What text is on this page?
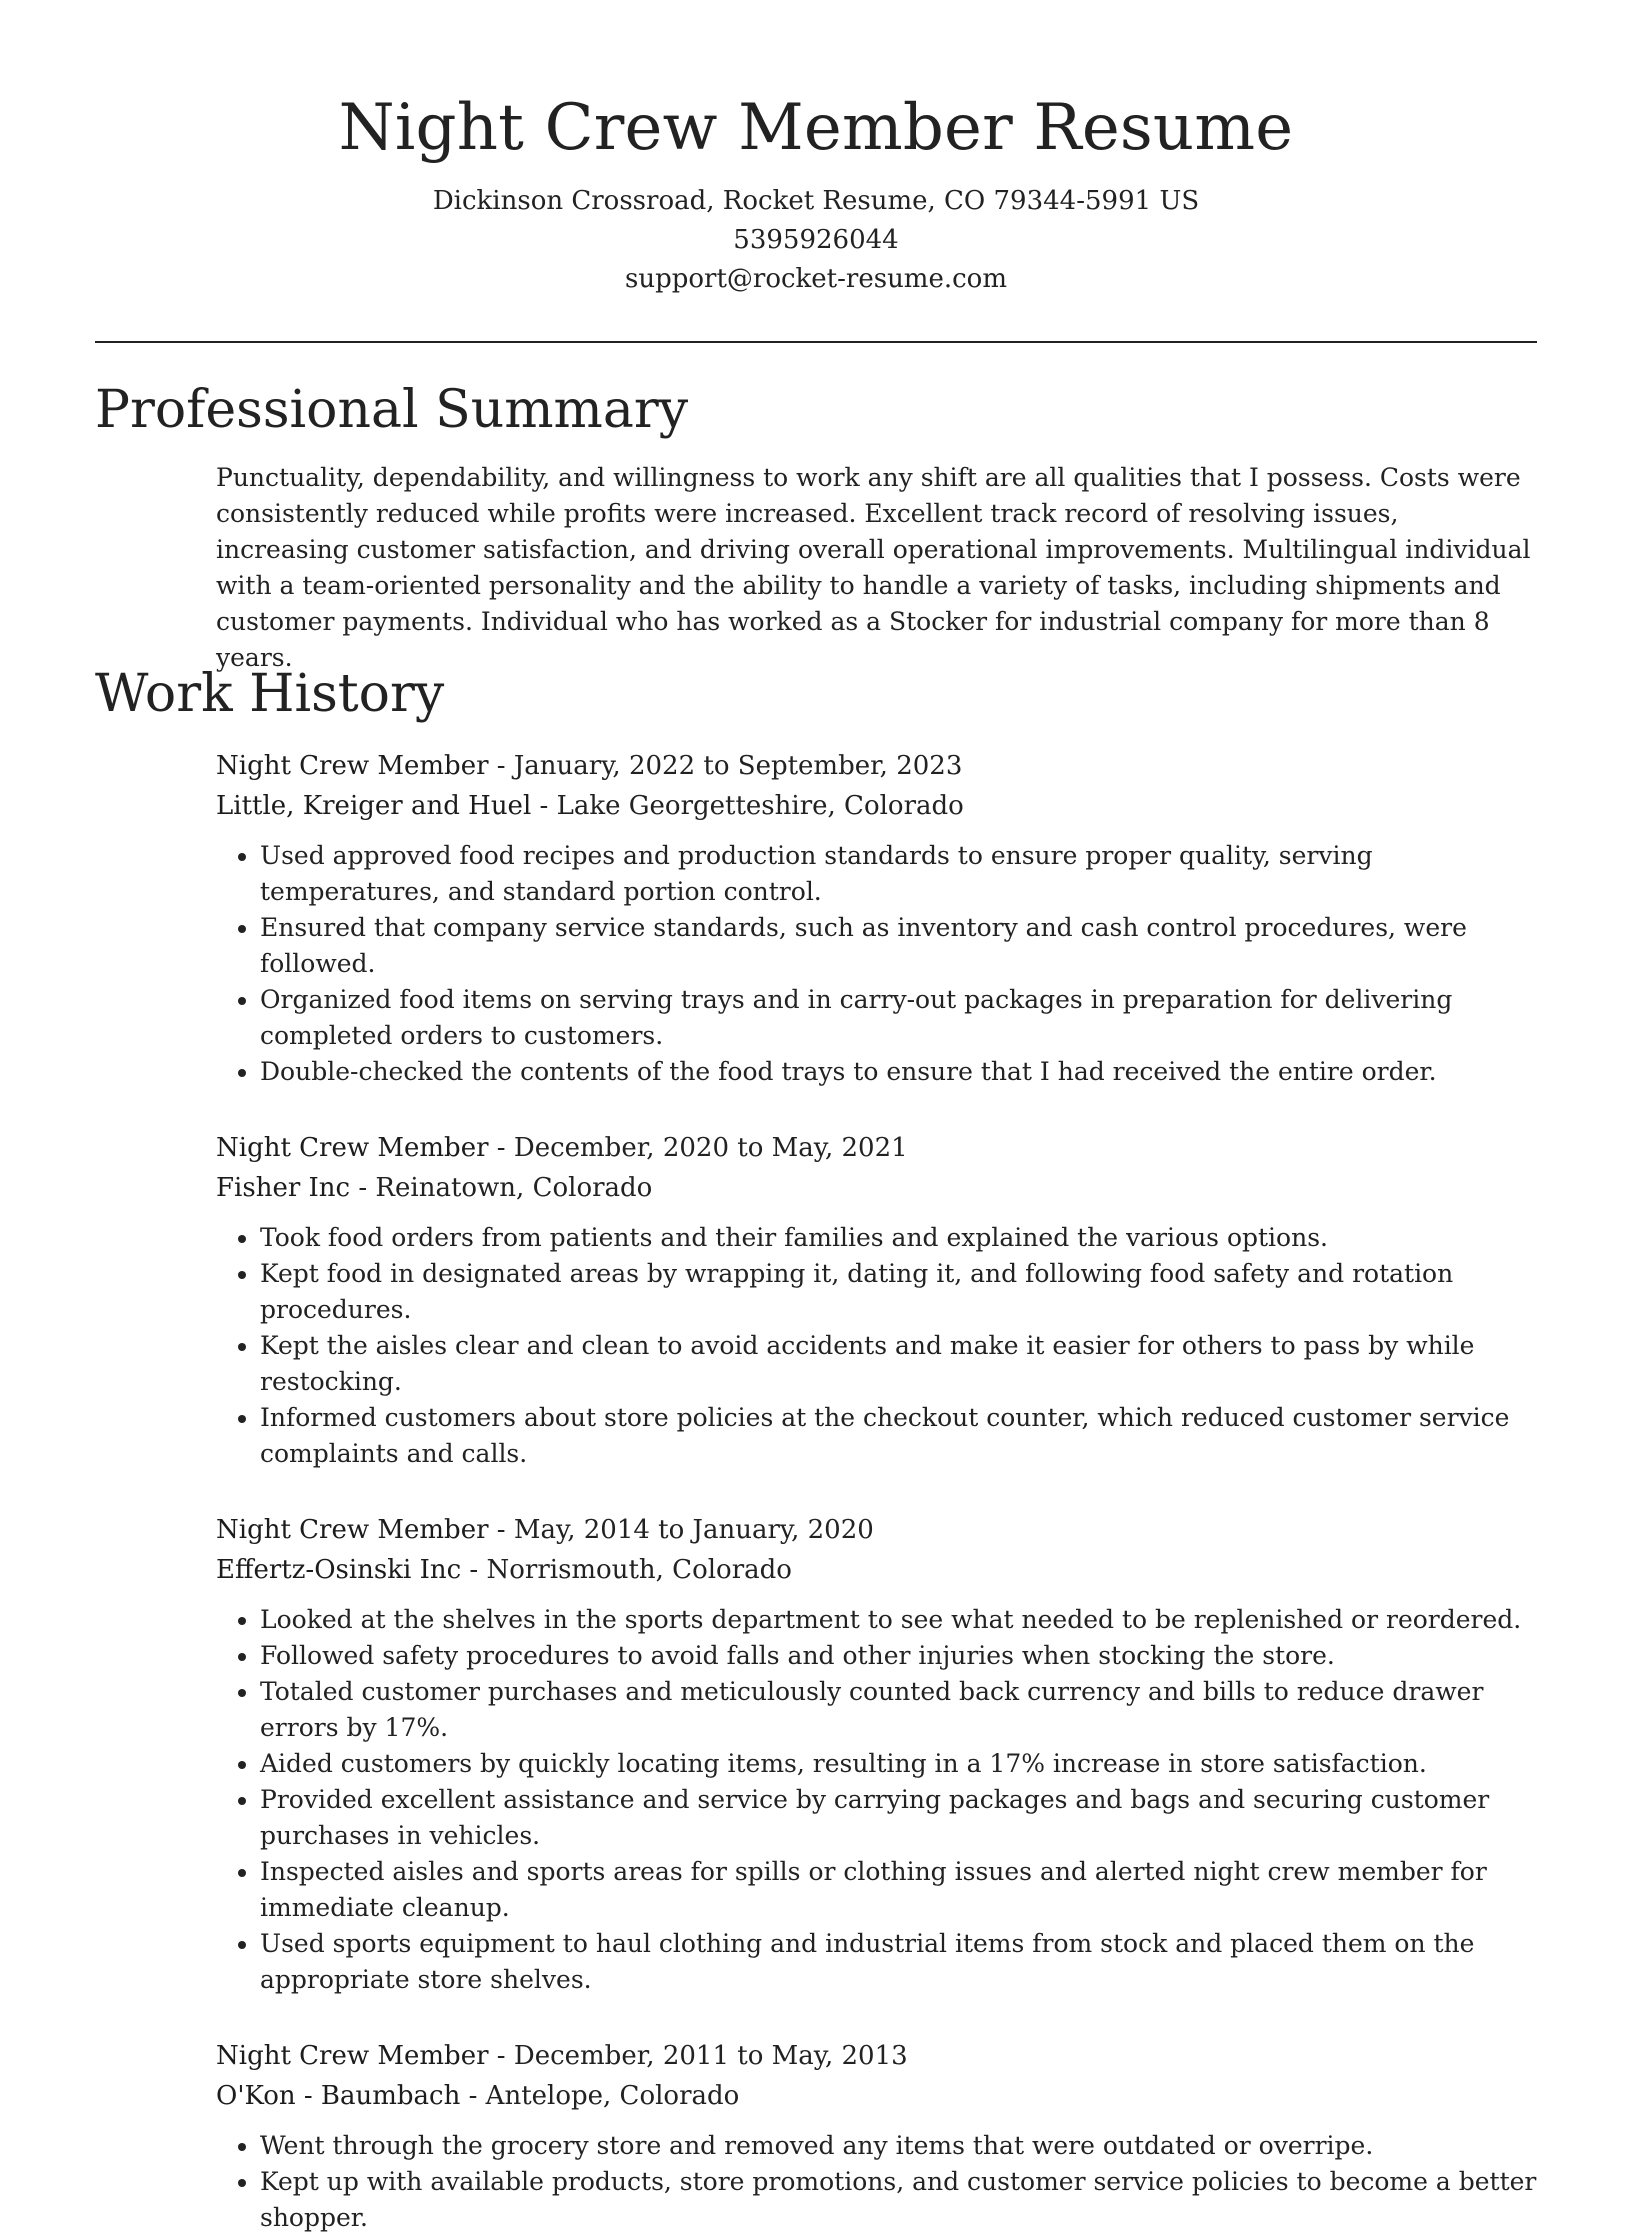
Night Crew Member Resume

Dickinson Crossroad, Rocket Resume, CO 79344-5991 US

5395926044

support@rocket-resume.com

Professional Summary

Punctuality, dependability, and willingness to work any shift are all qualities that I possess. Costs were consistently reduced while profits were increased. Excellent track record of resolving issues, increasing customer satisfaction, and driving overall operational improvements. Multilingual individual with a team-oriented personality and the ability to handle a variety of tasks, including shipments and customer payments. Individual who has worked as a Stocker for industrial company for more than 8 years.

Work History
Night Crew Member - January, 2022 to September, 2023
Little, Kreiger and Huel - Lake Georgetteshire, Colorado
• Used approved food recipes and production standards to ensure proper quality, serving temperatures, and standard portion control.
• Ensured that company service standards, such as inventory and cash control procedures, were followed.
• Organized food items on serving trays and in carry-out packages in preparation for delivering completed orders to customers.
• Double-checked the contents of the food trays to ensure that I had received the entire order.
Night Crew Member - December, 2020 to May, 2021
Fisher Inc - Reinatown, Colorado
• Took food orders from patients and their families and explained the various options.
• Kept food in designated areas by wrapping it, dating it, and following food safety and rotation procedures.
• Kept the aisles clear and clean to avoid accidents and make it easier for others to pass by while restocking.
• Informed customers about store policies at the checkout counter, which reduced customer service complaints and calls.
Night Crew Member - May, 2014 to January, 2020
Effertz-Osinski Inc - Norrismouth, Colorado
• Looked at the shelves in the sports department to see what needed to be replenished or reordered.
• Followed safety procedures to avoid falls and other injuries when stocking the store.
• Totaled customer purchases and meticulously counted back currency and bills to reduce drawer errors by 17%.
• Aided customers by quickly locating items, resulting in a 17% increase in store satisfaction.
• Provided excellent assistance and service by carrying packages and bags and securing customer purchases in vehicles.
• Inspected aisles and sports areas for spills or clothing issues and alerted night crew member for immediate cleanup.
• Used sports equipment to haul clothing and industrial items from stock and placed them on the appropriate store shelves.
Night Crew Member - December, 2011 to May, 2013
O'Kon - Baumbach - Antelope, Colorado
• Went through the grocery store and removed any items that were outdated or overripe.
• Kept up with available products, store promotions, and customer service policies to become a better shopper.
